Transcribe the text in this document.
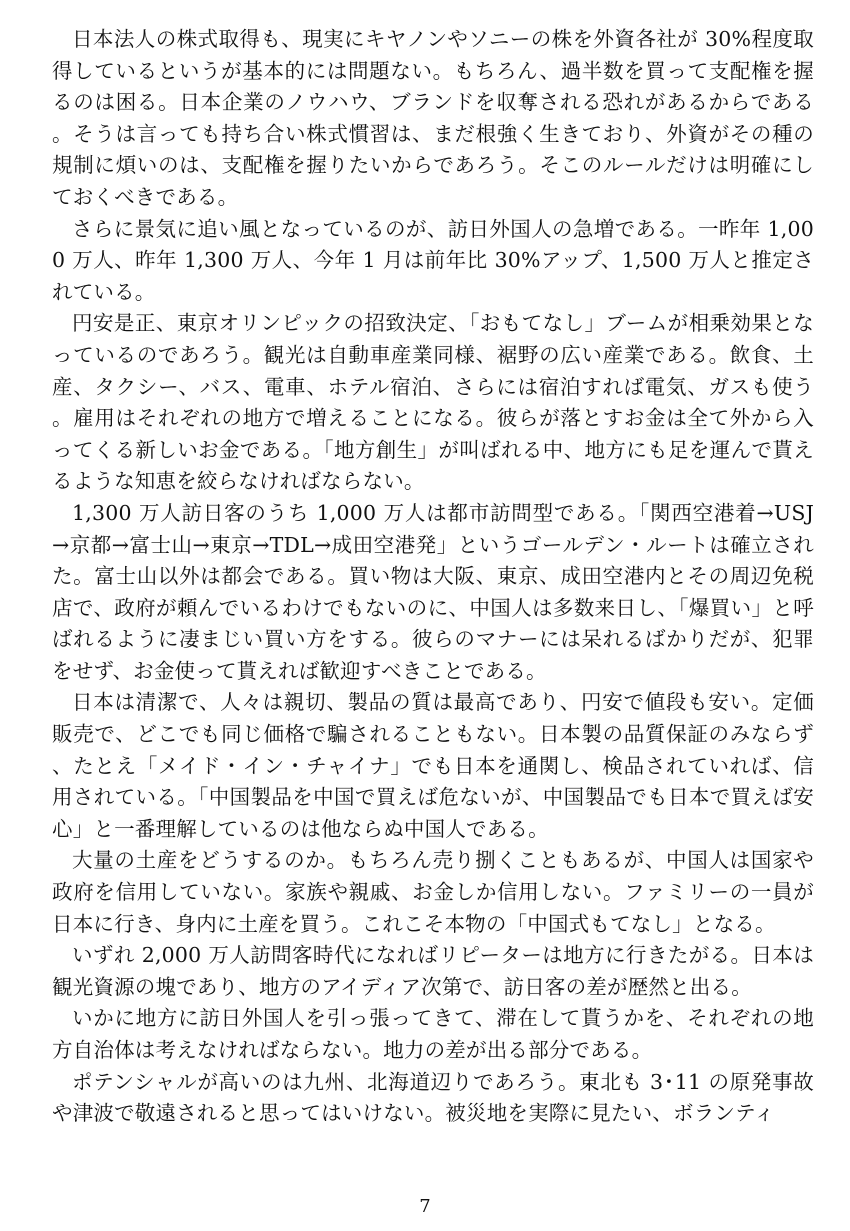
日本法人の株式取得も、現実にキヤノンやソニーの株を外資各社が 30%程度取得しているというが基本的には問題ない。もちろん、過半数を買って支配権を握るのは困る。日本企業のノウハウ、ブランドを収奪される恐れがあるからである。そうは言っても持ち合い株式慣習は、まだ根強く生きており、外資がその種の規制に煩いのは、支配権を握りたいからであろう。そこのルールだけは明確にしておくべきである。

さらに景気に追い風となっているのが、訪日外国人の急増である。一昨年 1,000 万人、昨年 1,300 万人、今年 1 月は前年比 30%アップ、1,500 万人と推定されている。

円安是正、東京オリンピックの招致決定、「おもてなし」ブームが相乗効果となっているのであろう。観光は自動車産業同様、裾野の広い産業である。飲食、土産、タクシー、バス、電車、ホテル宿泊、さらには宿泊すれば電気、ガスも使う。雇用はそれぞれの地方で増えることになる。彼らが落とすお金は全て外から入ってくる新しいお金である。「地方創生」が叫ばれる中、地方にも足を運んで貰えるような知恵を絞らなければならない。

1,300 万人訪日客のうち 1,000 万人は都市訪問型である。「関西空港着→USJ→京都→富士山→東京→TDL→成田空港発」というゴールデン・ルートは確立された。富士山以外は都会である。買い物は大阪、東京、成田空港内とその周辺免税店で、政府が頼んでいるわけでもないのに、中国人は多数来日し、「爆買い」と呼ばれるように凄まじい買い方をする。彼らのマナーには呆れるばかりだが、犯罪をせず、お金使って貰えれば歓迎すべきことである。

日本は清潔で、人々は親切、製品の質は最高であり、円安で値段も安い。定価販売で、どこでも同じ価格で騙されることもない。日本製の品質保証のみならず、たとえ「メイド・イン・チャイナ」でも日本を通関し、検品されていれば、信用されている。「中国製品を中国で買えば危ないが、中国製品でも日本で買えば安心」と一番理解しているのは他ならぬ中国人である。

大量の土産をどうするのか。もちろん売り捌くこともあるが、中国人は国家や政府を信用していない。家族や親戚、お金しか信用しない。ファミリーの一員が日本に行き、身内に土産を買う。これこそ本物の「中国式もてなし」となる。

いずれ 2,000 万人訪問客時代になればリピーターは地方に行きたがる。日本は観光資源の塊であり、地方のアイディア次第で、訪日客の差が歴然と出る。

いかに地方に訪日外国人を引っ張ってきて、滞在して貰うかを、それぞれの地方自治体は考えなければならない。地力の差が出る部分である。

ポテンシャルが高いのは九州、北海道辺りであろう。東北も 3･11 の原発事故や津波で敬遠されると思ってはいけない。被災地を実際に見たい、ボランティ

7
